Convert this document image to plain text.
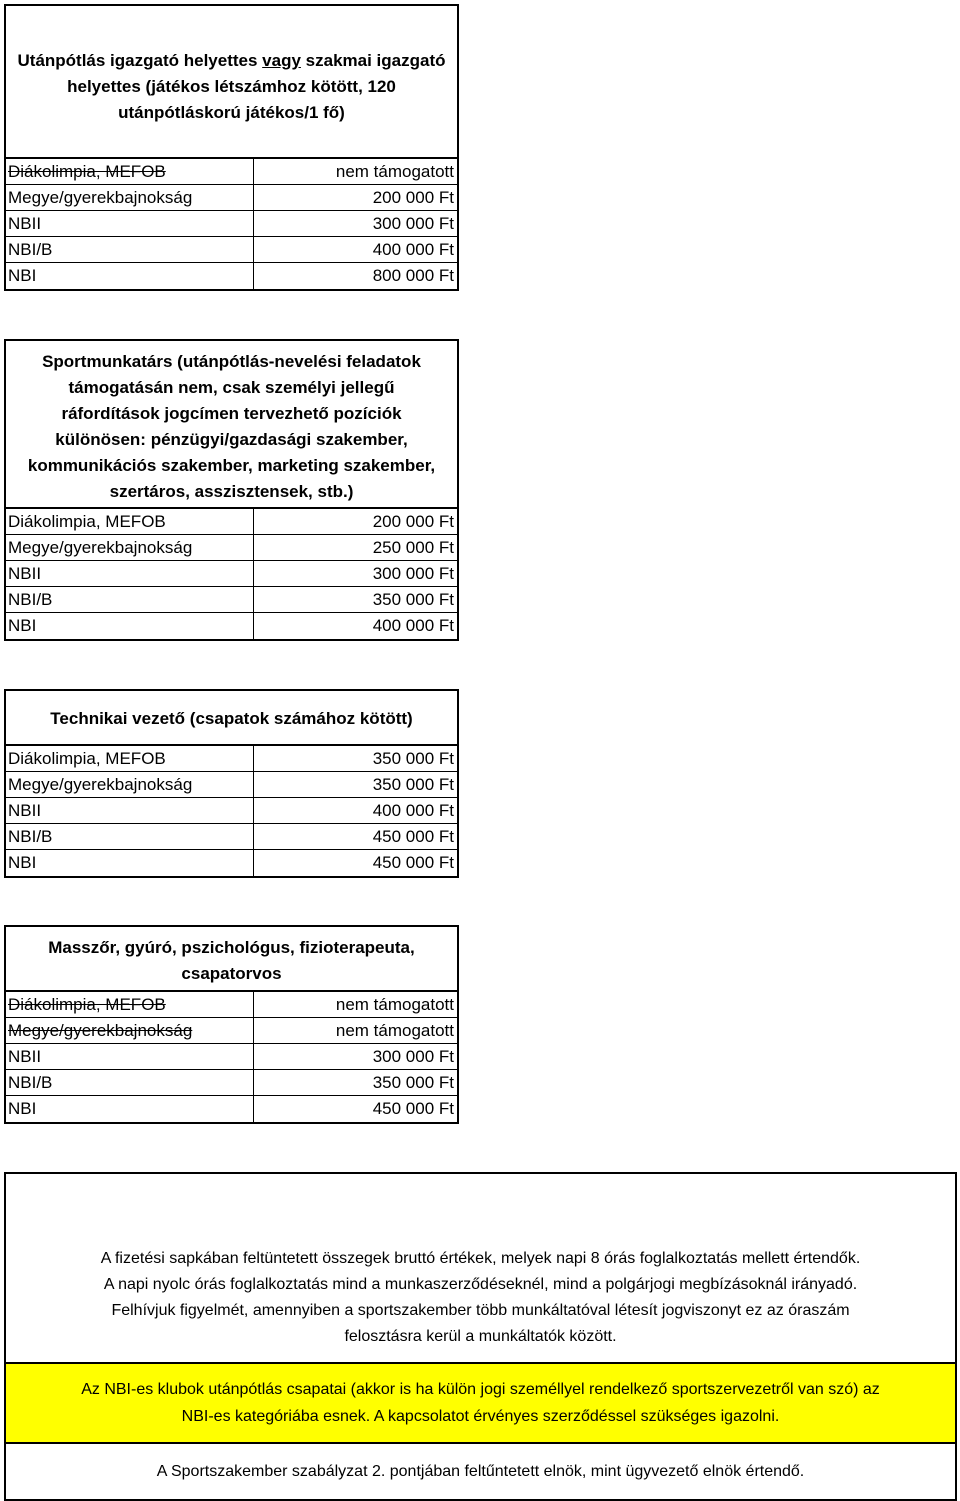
Utánpótlás igazgató helyettes vagy szakmai igazgató
helyettes (játékos létszámhoz kötött, 120
utánpótláskorú játékos/1 fő)
Diákolimpia, MEFOB	nem támogatott
Megye/gyerekbajnokság	200 000 Ft
NBII	300 000 Ft
NBI/B	400 000 Ft
NBI	800 000 Ft
Sportmunkatárs (utánpótlás-nevelési feladatok
támogatásán nem, csak személyi jellegű
ráfordítások jogcímen tervezhető pozíciók
különösen: pénzügyi/gazdasági szakember,
kommunikációs szakember, marketing szakember,
szertáros, asszisztensek, stb.)
Diákolimpia, MEFOB	200 000 Ft
Megye/gyerekbajnokság	250 000 Ft
NBII	300 000 Ft
NBI/B	350 000 Ft
NBI	400 000 Ft
Technikai vezető (csapatok számához kötött)
Diákolimpia, MEFOB	350 000 Ft
Megye/gyerekbajnokság	350 000 Ft
NBII	400 000 Ft
NBI/B	450 000 Ft
NBI	450 000 Ft
Masszőr, gyúró, pszichológus, fizioterapeuta,
csapatorvos
Diákolimpia, MEFOB	nem támogatott
Megye/gyerekbajnokság	nem támogatott
NBII	300 000 Ft
NBI/B	350 000 Ft
NBI	450 000 Ft
A fizetési sapkában feltüntetett összegek bruttó értékek, melyek napi 8 órás foglalkoztatás mellett értendők.
A napi nyolc órás foglalkoztatás mind a munkaszerződéseknél, mind a polgárjogi megbízásoknál irányadó.
Felhívjuk figyelmét, amennyiben a sportszakember több munkáltatóval létesít jogviszonyt ez az óraszám
felosztásra kerül a munkáltatók között.
Az NBI-es klubok utánpótlás csapatai (akkor is ha külön jogi személlyel rendelkező sportszervezetről van szó) az
NBI-es kategóriába esnek. A kapcsolatot érvényes szerződéssel szükséges igazolni.
A Sportszakember szabályzat 2. pontjában feltűntetett elnök, mint ügyvezető elnök értendő.
